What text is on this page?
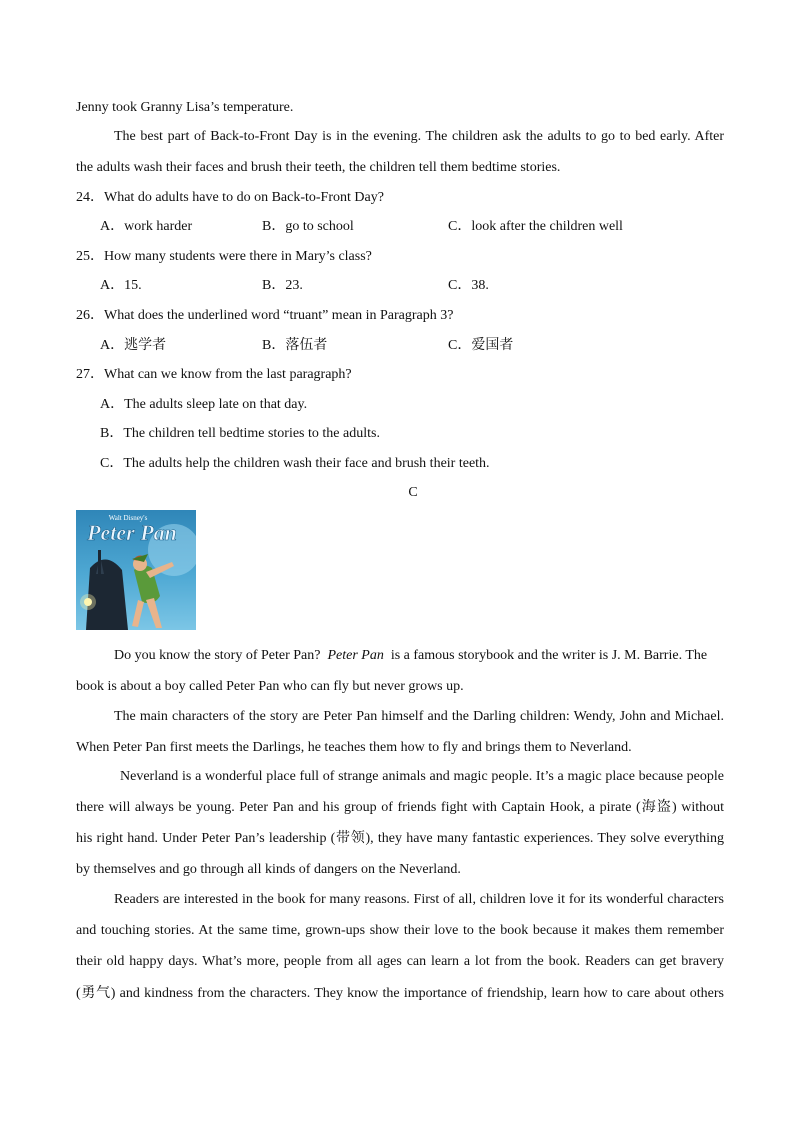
Jenny took Granny Lisa’s temperature.
The best part of Back-to-Front Day is in the evening. The children ask the adults to go to bed early. After
the adults wash their faces and brush their teeth, the children tell them bedtime stories.
24．What do adults have to do on Back-to-Front Day?
A．work harder	B．go to school	C．look after the children well
25．How many students were there in Mary’s class?
A．15.	B．23.	C．38.
26．What does the underlined word “truant” mean in Paragraph 3?
A．逃学者	B．落伍者	C．爱国者
27．What can we know from the last paragraph?
A．The adults sleep late on that day.
B．The children tell bedtime stories to the adults.
C．The adults help the children wash their face and brush their teeth.
C
Walt Disney's
Peter Pan
Do you know the story of Peter Pan? Peter Pan is a famous storybook and the writer is J. M. Barrie. The
book is about a boy called Peter Pan who can fly but never grows up.
The main characters of the story are Peter Pan himself and the Darling children: Wendy, John and Michael.
When Peter Pan first meets the Darlings, he teaches them how to fly and brings them to Neverland.
Neverland is a wonderful place full of strange animals and magic people. It’s a magic place because people
there will always be young. Peter Pan and his group of friends fight with Captain Hook, a pirate (海盗) without
his right hand. Under Peter Pan’s leadership (带领), they have many fantastic experiences. They solve everything
by themselves and go through all kinds of dangers on the Neverland.
Readers are interested in the book for many reasons. First of all, children love it for its wonderful characters
and touching stories. At the same time, grown-ups show their love to the book because it makes them remember
their old happy days. What’s more, people from all ages can learn a lot from the book. Readers can get bravery
(勇气) and kindness from the characters. They know the importance of friendship, learn how to care about others
